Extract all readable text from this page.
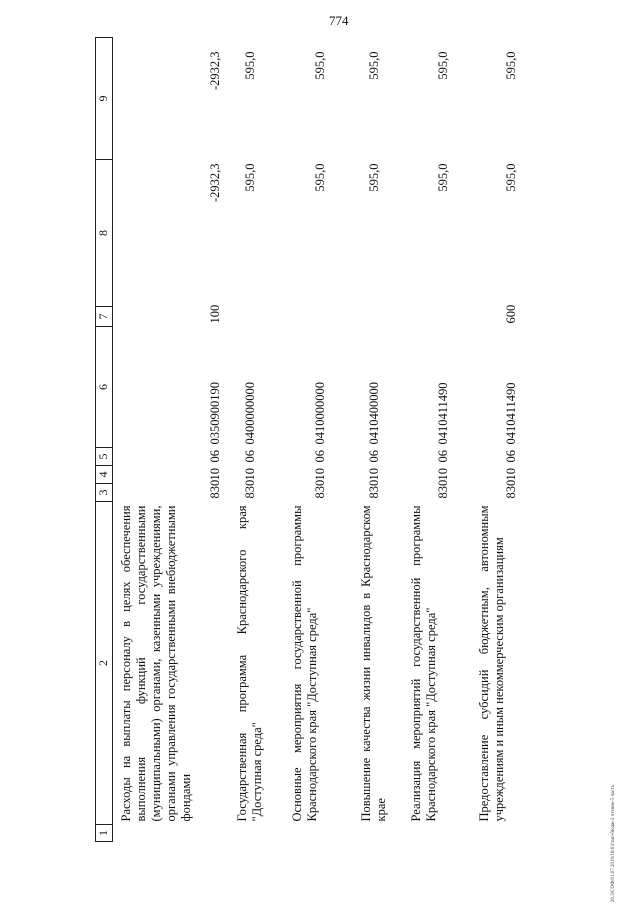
774
20.3/СОФ/01.07.2019/16:03/тип-бюдж-2 чтение-5 часть
1	2	3	4	5	6	7	8	9
	Расходы на выплаты персоналу в целях обеспечения выполнения функций государственными (муниципальными) органами, казенными учреждениями, органами управления государственными внебюджетными фондами	830	10	06	0350900190	100	-2932,3	-2932,3
	Государственная программа Краснодарского края "Доступная среда"	830	10	06	0400000000		595,0	595,0
	Основные мероприятия государственной программы Краснодарского края "Доступная среда"	830	10	06	0410000000		595,0	595,0
	Повышение качества жизни инвалидов в Краснодарском крае	830	10	06	0410400000		595,0	595,0
	Реализация мероприятий государственной программы Краснодарского края "Доступная среда"	830	10	06	0410411490		595,0	595,0
	Предоставление субсидий бюджетным, автономным учреждениям и иным некоммерческим организациям	830	10	06	0410411490	600	595,0	595,0
